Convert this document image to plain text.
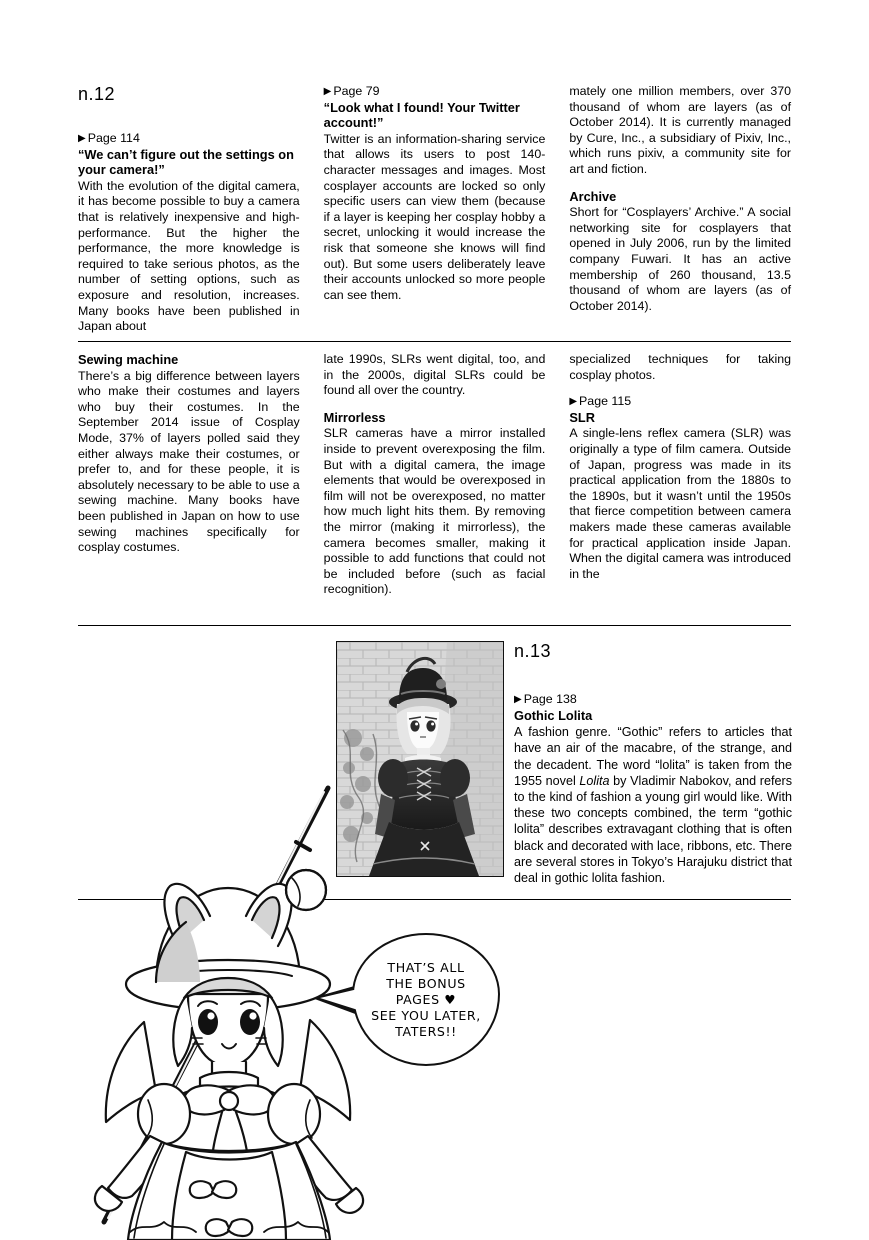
n.12

▶ Page 114

“We can’t figure out the settings on your camera!”

With the evolution of the digital camera, it has become possible to buy a camera that is relatively inexpensive and high-performance. But the higher the performance, the more knowledge is required to take serious photos, as the number of setting options, such as exposure and resolution, increases. Many books have been published in Japan about

▶ Page 79

“Look what I found! Your Twitter account!”

Twitter is an information-sharing service that allows its users to post 140-character messages and images. Most cosplayer accounts are locked so only specific users can view them (because if a layer is keeping her cosplay hobby a secret, unlocking it would increase the risk that someone she knows will find out). But some users deliberately leave their accounts unlocked so more people can see them.

mately one million members, over 370 thousand of whom are layers (as of October 2014). It is currently managed by Cure, Inc., a subsidiary of Pixiv, Inc., which runs pixiv, a community site for art and fiction.

Archive

Short for “Cosplayers’ Archive.” A social networking site for cosplayers that opened in July 2006, run by the limited company Fuwari. It has an active membership of 260 thousand, 13.5 thousand of whom are layers (as of October 2014).

Sewing machine

There’s a big difference between layers who make their costumes and layers who buy their costumes. In the September 2014 issue of Cosplay Mode, 37% of layers polled said they either always make their costumes, or prefer to, and for these people, it is absolutely necessary to be able to use a sewing machine. Many books have been published in Japan on how to use sewing machines specifically for cosplay costumes.

late 1990s, SLRs went digital, too, and in the 2000s, digital SLRs could be found all over the country.

Mirrorless

SLR cameras have a mirror installed inside to prevent overexposing the film. But with a digital camera, the image elements that would be overexposed in film will not be overexposed, no matter how much light hits them. By removing the mirror (making it mirrorless), the camera becomes smaller, making it possible to add functions that could not be included before (such as facial recognition).

specialized techniques for taking cosplay photos.

▶ Page 115

SLR

A single-lens reflex camera (SLR) was originally a type of film camera. Outside of Japan, progress was made in its practical application from the 1880s to the 1890s, but it wasn’t until the 1950s that fierce competition between camera makers made these cameras available for practical application inside Japan. When the digital camera was introduced in the

n.13

▶ Page 138

Gothic Lolita

A fashion genre. “Gothic” refers to articles that have an air of the macabre, of the strange, and the decadent. The word “lolita” is taken from the 1955 novel Lolita by Vladimir Nabokov, and refers to the kind of fashion a young girl would like. With these two concepts combined, the term “gothic lolita” describes extravagant clothing that is often black and decorated with lace, ribbons, etc. There are several stores in Tokyo’s Harajuku district that deal in gothic lolita fashion.

THAT’S ALL
THE BONUS
PAGES ♥
SEE YOU LATER,
TATERS!!
